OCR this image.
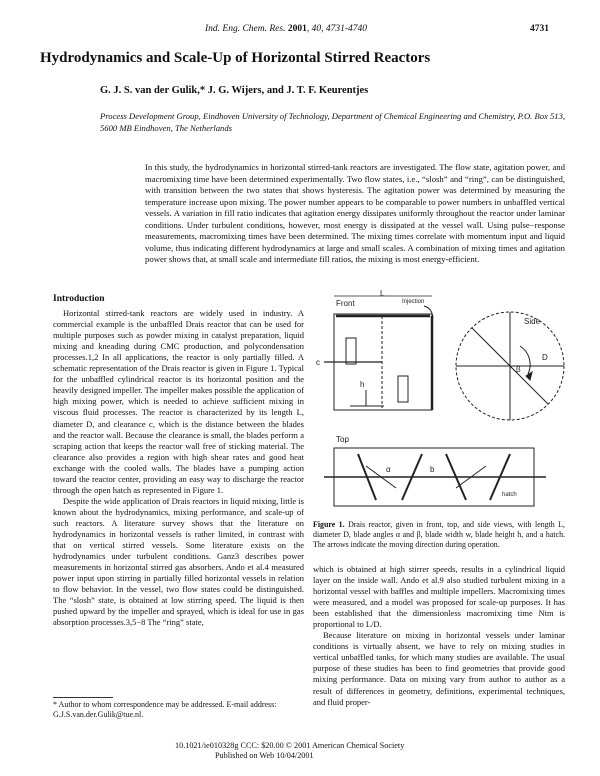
Ind. Eng. Chem. Res. 2001, 40, 4731-4740	4731
Hydrodynamics and Scale-Up of Horizontal Stirred Reactors
G. J. S. van der Gulik,* J. G. Wijers, and J. T. F. Keurentjes
Process Development Group, Eindhoven University of Technology, Department of Chemical Engineering and Chemistry, P.O. Box 513, 5600 MB Eindhoven, The Netherlands
In this study, the hydrodynamics in horizontal stirred-tank reactors are investigated. The flow state, agitation power, and macromixing time have been determined experimentally. Two flow states, i.e., “slosh” and “ring”, can be distinguished, with transition between the two states that shows hysteresis. The agitation power was determined by measuring the temperature increase upon mixing. The power number appears to be comparable to power numbers in unbaffled vertical vessels. A variation in fill ratio indicates that agitation energy dissipates uniformly throughout the reactor under laminar conditions. Under turbulent conditions, however, most energy is dissipated at the vessel wall. Using pulse−response measurements, macromixing times have been determined. The mixing times correlate with momentum input and liquid volume, thus indicating different hydrodynamics at large and small scales. A combination of mixing times and agitation power shows that, at small scale and intermediate fill ratios, the mixing is most energy-efficient.
Introduction

Horizontal stirred-tank reactors are widely used in industry. A commercial example is the unbaffled Drais reactor that can be used for multiple purposes such as powder mixing in catalyst preparation, liquid mixing and kneading during CMC production, and polycondensation processes.1,2 In all applications, the reactor is only partially filled. A schematic representation of the Drais reactor is given in Figure 1. Typical for the unbaffled cylindrical reactor is its horizontal position and the heavily designed impeller. The impeller makes possible the application of high mixing power, which is needed to achieve sufficient mixing in viscous fluid processes. The reactor is characterized by its length L, diameter D, and clearance c, which is the distance between the blades and the reactor wall. Because the clearance is small, the blades perform a scraping action that keeps the reactor wall free of sticking material. The clearance also provides a region with high shear rates and good heat exchange with the cooled walls. The blades have a pumping action toward the reactor center, providing an easy way to discharge the reactor through the open hatch as represented in Figure 1.

Despite the wide application of Drais reactors in liquid mixing, little is known about the hydrodynamics, mixing performance, and scale-up of such reactors. A literature survey shows that the literature on hydrodynamics in horizontal vessels is rather limited, in contrast with that on vertical stirred vessels. Some literature exists on the hydrodynamics under turbulent conditions. Ganz3 describes power measurements in horizontal stirred gas absorbers. Ando et al.4 measured power input upon stirring in partially filled horizontal vessels in relation to flow behavior. In the vessel, two flow states could be distinguished. The “slosh” state, is obtained at low stirring speed. The liquid is then pushed upward by the impeller and sprayed, which is ideal for use in gas absorption processes.3,5−8 The “ring” state,

Front	Injection
L
c
h
Side
D
β
Top
α	b
hatch
Figure 1. Drais reactor, given in front, top, and side views, with length L, diameter D, blade angles α and β, blade width w, blade height h, and a hatch. The arrows indicate the moving direction during operation.

which is obtained at high stirrer speeds, results in a cylindrical liquid layer on the inside wall. Ando et al.9 also studied turbulent mixing in a horizontal vessel with baffles and multiple impellers. Macromixing times were measured, and a model was proposed for scale-up purposes. It has been established that the dimensionless macromixing time Ntm is proportional to L/D.

Because literature on mixing in horizontal vessels under laminar conditions is virtually absent, we have to rely on mixing studies in vertical unbaffled tanks, for which many studies are available. The usual purpose of these studies has been to find geometries that provide good mixing performance. Data on mixing vary from author to author as a result of differences in geometry, definitions, experimental techniques, and fluid proper-

* Author to whom correspondence may be addressed. E-mail address: G.J.S.van.der.Gulik@tue.nl.
10.1021/ie010328g CCC: $20.00 © 2001 American Chemical Society
Published on Web 10/04/2001
